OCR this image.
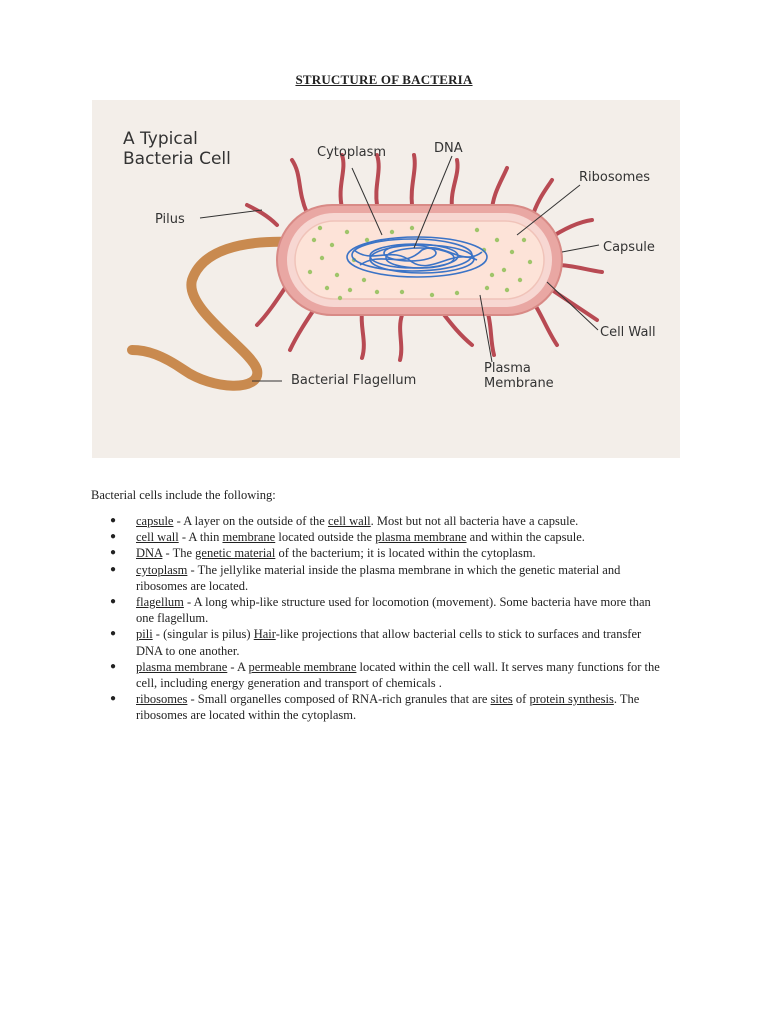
STRUCTURE OF BACTERIA
A Typical
Bacteria Cell	Cytoplasm	DNA
Ribosomes
Pilus
Capsule
Cell Wall
Bacterial Flagellum
Plasma
Membrane
Bacterial cells include the following:
● capsule - A layer on the outside of the cell wall. Most but not all bacteria have a capsule.
● cell wall - A thin membrane located outside the plasma membrane and within the capsule.
● DNA - The genetic material of the bacterium; it is located within the cytoplasm.
● cytoplasm - The jellylike material inside the plasma membrane in which the genetic material and ribosomes are located.
● flagellum - A long whip-like structure used for locomotion (movement). Some bacteria have more than one flagellum.
● pili - (singular is pilus) Hair-like projections that allow bacterial cells to stick to surfaces and transfer DNA to one another.
● plasma membrane - A permeable membrane located within the cell wall. It serves many functions for the cell, including energy generation and transport of chemicals .
● ribosomes - Small organelles composed of RNA-rich granules that are sites of protein synthesis. The ribosomes are located within the cytoplasm.
